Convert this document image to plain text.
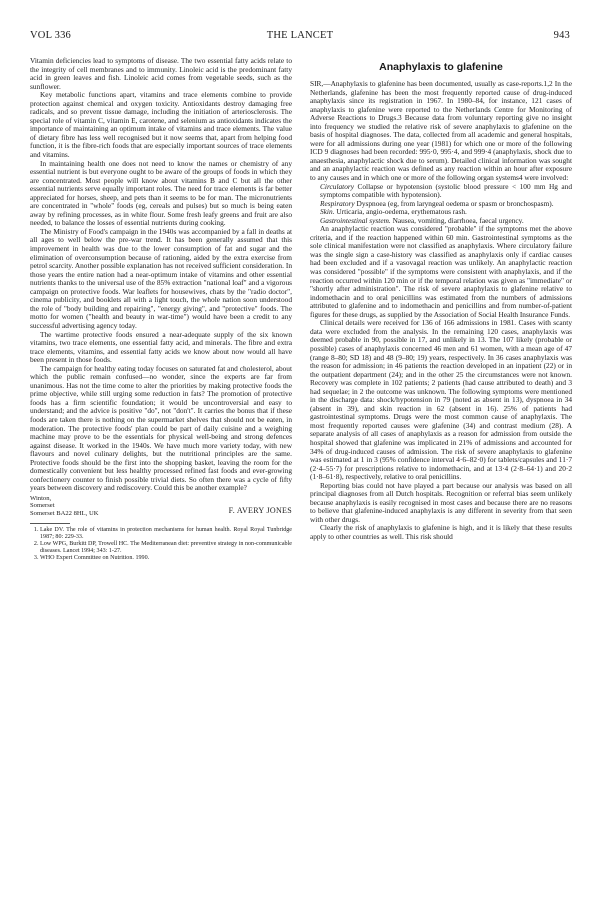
VOL 336	THE LANCET	943

Vitamin deficiencies lead to symptoms of disease. The two essential fatty acids relate to the integrity of cell membranes and to immunity. Linoleic acid is the predominant fatty acid in green leaves and fish. Linoleic acid comes from vegetable seeds, such as the sunflower.

Key metabolic functions apart, vitamins and trace elements combine to provide protection against chemical and oxygen toxicity. Antioxidants destroy damaging free radicals, and so prevent tissue damage, including the initiation of arteriosclerosis. The special role of vitamin C, vitamin E, carotene, and selenium as antioxidants indicates the importance of maintaining an optimum intake of vitamins and trace elements. The value of dietary fibre has less well recognised but it now seems that, apart from helping food function, it is the fibre-rich foods that are especially important sources of trace elements and vitamins.

In maintaining health one does not need to know the names or chemistry of any essential nutrient is but everyone ought to be aware of the groups of foods in which they are concentrated. Most people will know about vitamins B and C but all the other essential nutrients serve equally important roles. The need for trace elements is far better appreciated for horses, sheep, and pets than it seems to be for man. The micronutrients are concentrated in "whole" foods (eg, cereals and pulses) but so much is being eaten away by refining processes, as in white flour. Some fresh leafy greens and fruit are also needed, to balance the losses of essential nutrients during cooking.

The Ministry of Food's campaign in the 1940s was accompanied by a fall in deaths at all ages to well below the pre-war trend. It has been generally assumed that this improvement in health was due to the lower consumption of fat and sugar and the elimination of overconsumption because of rationing, aided by the extra exercise from petrol scarcity. Another possible explanation has not received sufficient consideration. In those years the entire nation had a near-optimum intake of vitamins and other essential nutrients thanks to the universal use of the 85% extraction "national loaf" and a vigorous campaign on protective foods. War leaflets for housewives, chats by the "radio doctor", cinema publicity, and booklets all with a light touch, the whole nation soon understood the role of "body building and repairing", "energy giving", and "protective" foods. The motto for women ("health and beauty in war-time") would have been a credit to any successful advertising agency today.

The wartime protective foods ensured a near-adequate supply of the six known vitamins, two trace elements, one essential fatty acid, and minerals. The fibre and extra trace elements, vitamins, and essential fatty acids we know about now would all have been present in those foods.

The campaign for healthy eating today focuses on saturated fat and cholesterol, about which the public remain confused—no wonder, since the experts are far from unanimous. Has not the time come to alter the priorities by making protective foods the prime objective, while still urging some reduction in fats? The promotion of protective foods has a firm scientific foundation; it would be uncontroversial and easy to understand; and the advice is positive "do", not "don't". It carries the bonus that if these foods are taken there is nothing on the supermarket shelves that should not be eaten, in moderation. The protective foods' plan could be part of daily cuisine and a weighing machine may prove to be the essentials for physical well-being and strong defences against disease. It worked in the 1940s. We have much more variety today, with new flavours and novel culinary delights, but the nutritional principles are the same. Protective foods should be the first into the shopping basket, leaving the room for the domestically convenient but less healthy processed refined fast foods and ever-growing confectionery counter to finish possible trivial diets. So often there was a cycle of fifty years between discovery and rediscovery. Could this be another example?

Winton,
Somerset
Somerset BA22 8HL, UK	F. AVERY JONES
1. Lake DV. The role of vitamins in protection mechanisms for human health. Royal Royal Tunbridge 1987; 80: 229-33.
2. Low WPG, Burkitt DP, Trowell HC. The Mediterranean diet: preventive strategy in non-communicable diseases. Lancet 1994; 343: 1-27.
3. WHO Expert Committee on Nutrition. 1990.
Anaphylaxis to glafenine

SIR,—Anaphylaxis to glafenine has been documented, usually as case-reports.1,2 In the Netherlands, glafenine has been the most frequently reported cause of drug-induced anaphylaxis since its registration in 1967. In 1980–84, for instance, 121 cases of anaphylaxis to glafenine were reported to the Netherlands Centre for Monitoring of Adverse Reactions to Drugs.3 Because data from voluntary reporting give no insight into frequency we studied the relative risk of severe anaphylaxis to glafenine on the basis of hospital diagnoses. The data, collected from all academic and general hospitals, were for all admissions during one year (1981) for which one or more of the following ICD 9 diagnoses had been recorded: 995·0, 995·4, and 999·4 (anaphylaxis, shock due to anaesthesia, anaphylactic shock due to serum). Detailed clinical information was sought and an anaphylactic reaction was defined as any reaction within an hour after exposure to any causes and in which one or more of the following organ systems4 were involved:

Circulatory Collapse or hypotension (systolic blood pressure < 100 mm Hg and symptoms compatible with hypotension).

Respiratory Dyspnoea (eg, from laryngeal oedema or spasm or bronchospasm).

Skin. Urticaria, angio-oedema, erythematous rash.

Gastrointestinal system. Nausea, vomiting, diarrhoea, faecal urgency.

An anaphylactic reaction was considered "probable" if the symptoms met the above criteria, and if the reaction happened within 60 min. Gastrointestinal symptoms as the sole clinical manifestation were not classified as anaphylaxis. Where circulatory failure was the single sign a case-history was classified as anaphylaxis only if cardiac causes had been excluded and if a vasovagal reaction was unlikely. An anaphylactic reaction was considered "possible" if the symptoms were consistent with anaphylaxis, and if the reaction occurred within 120 min or if the temporal relation was given as "immediate" or "shortly after administration". The risk of severe anaphylaxis to glafenine relative to indomethacin and to oral penicillins was estimated from the numbers of admissions attributed to glafenine and to indomethacin and penicillins and from number-of-patient figures for these drugs, as supplied by the Association of Social Health Insurance Funds.

Clinical details were received for 136 of 166 admissions in 1981. Cases with scanty data were excluded from the analysis. In the remaining 120 cases, anaphylaxis was deemed probable in 90, possible in 17, and unlikely in 13. The 107 likely (probable or possible) cases of anaphylaxis concerned 46 men and 61 women, with a mean age of 47 (range 8–80; SD 18) and 48 (9–80; 19) years, respectively. In 36 cases anaphylaxis was the reason for admission; in 46 patients the reaction developed in an inpatient (22) or in the outpatient department (24); and in the other 25 the circumstances were not known. Recovery was complete in 102 patients; 2 patients (had cause attributed to death) and 3 had sequelae; in 2 the outcome was unknown. The following symptoms were mentioned in the discharge data: shock/hypotension in 79 (noted as absent in 13), dyspnoea in 34 (absent in 39), and skin reaction in 62 (absent in 16). 25% of patients had gastrointestinal symptoms. Drugs were the most common cause of anaphylaxis. The most frequently reported causes were glafenine (34) and contrast medium (28). A separate analysis of all cases of anaphylaxis as a reason for admission from outside the hospital showed that glafenine was implicated in 21% of admissions and accounted for 34% of drug-induced causes of admission. The risk of severe anaphylaxis to glafenine was estimated at 1 in 3 (95% confidence interval 4·6–82·0) for tablets/capsules and 11·7 (2·4–55·7) for prescriptions relative to indomethacin, and at 13·4 (2·8–64·1) and 20·2 (1·8–61·8), respectively, relative to oral penicillins.

Reporting bias could not have played a part because our analysis was based on all principal diagnoses from all Dutch hospitals. Recognition or referral bias seem unlikely because anaphylaxis is easily recognised in most cases and because there are no reasons to believe that glafenine-induced anaphylaxis is any different in severity from that seen with other drugs.

Clearly the risk of anaphylaxis to glafenine is high, and it is likely that these results apply to other countries as well. This risk should
